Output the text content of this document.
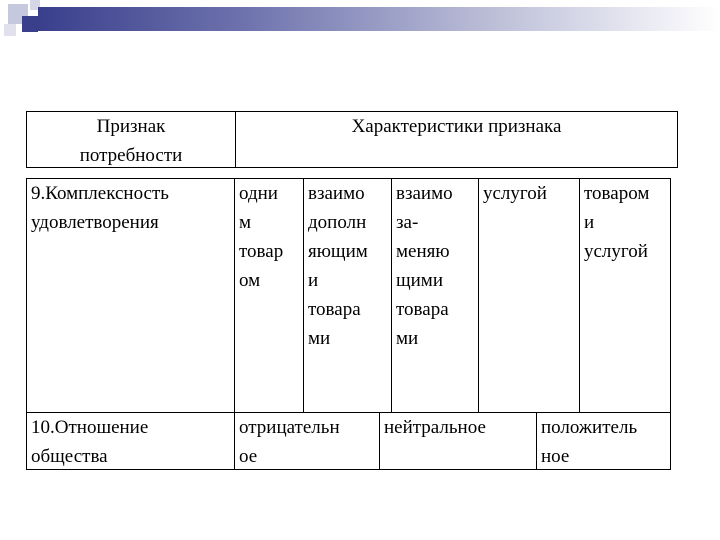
Признак
потребности
Характеристики признака
9.Комплексность
удовлетворения
одни
м
товар
ом
взаимо
дополн
яющим
и
товара
ми
взаимо
за-
меняю
щими
товара
ми
услугой	товаром
и
услугой
10.Отношение
общества
отрицательн
ое
нейтральное	положитель
ное
